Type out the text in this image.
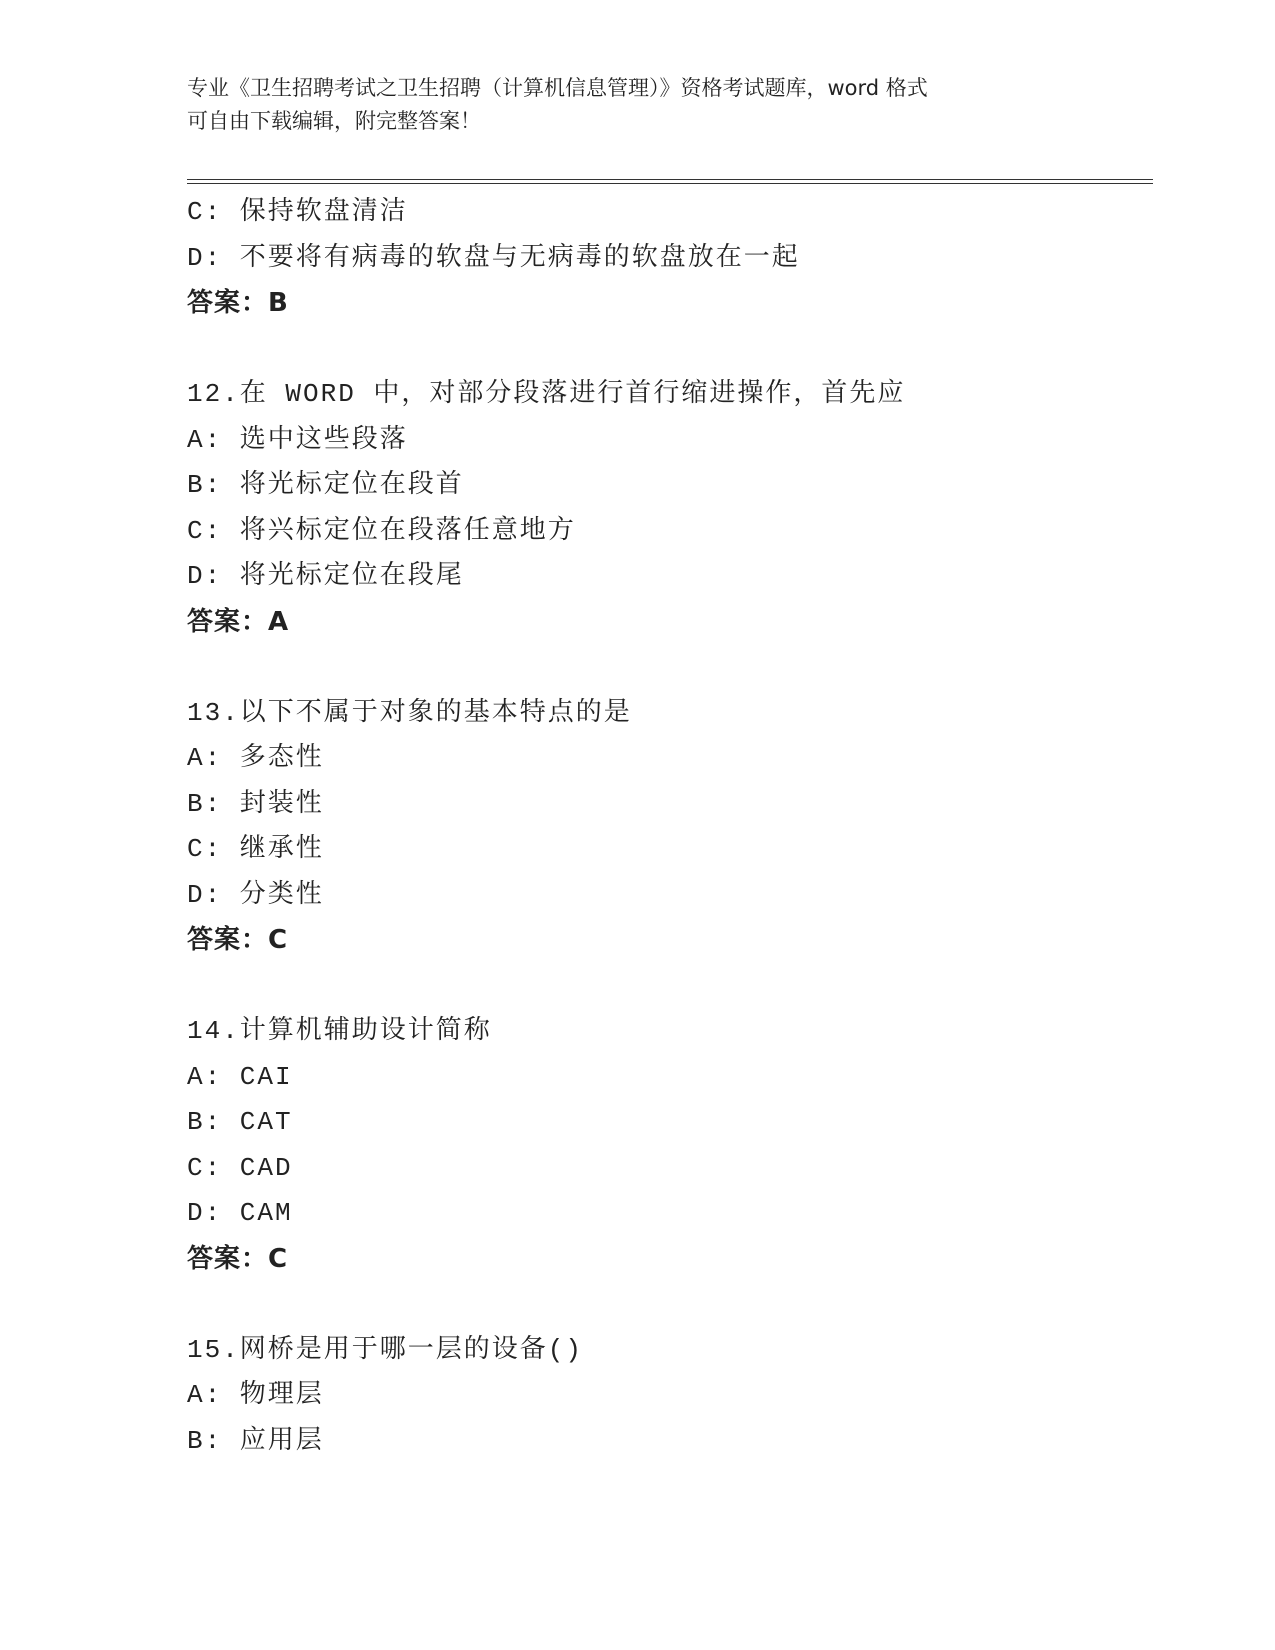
专业《卫生招聘考试之卫生招聘（计算机信息管理）》资格考试题库，word 格式
可自由下载编辑，附完整答案！
C: 保持软盘清洁
D: 不要将有病毒的软盘与无病毒的软盘放在一起
答案：B
12.在 WORD 中，对部分段落进行首行缩进操作，首先应
A: 选中这些段落
B: 将光标定位在段首
C: 将兴标定位在段落任意地方
D: 将光标定位在段尾
答案：A
13.以下不属于对象的基本特点的是
A: 多态性
B: 封装性
C: 继承性
D: 分类性
答案：C
14.计算机辅助设计简称
A: CAI
B: CAT
C: CAD
D: CAM
答案：C
15.网桥是用于哪一层的设备()
A: 物理层
B: 应用层
